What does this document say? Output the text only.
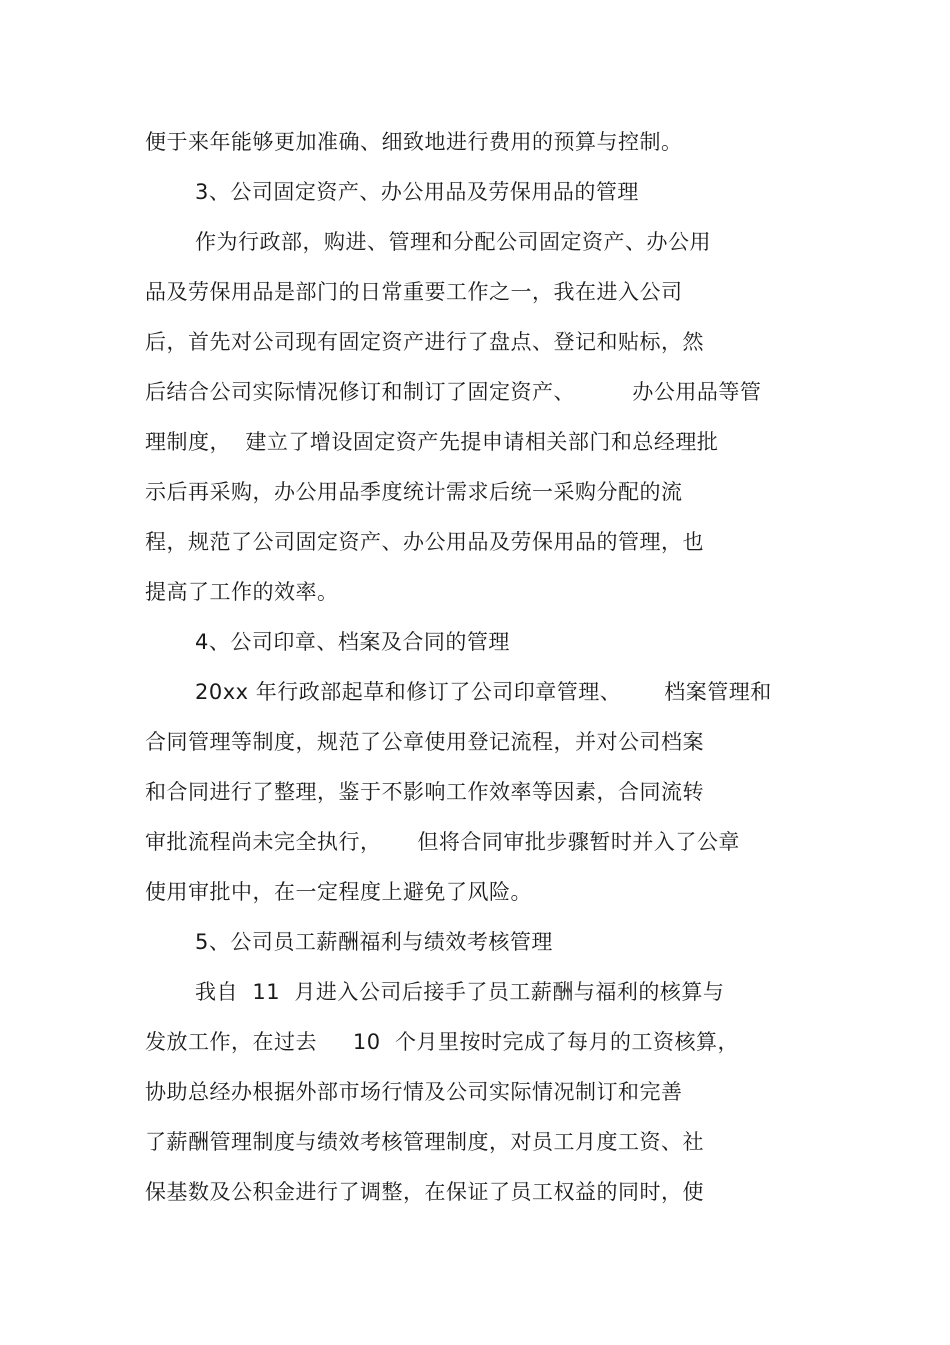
便于来年能够更加准确、细致地进行费用的预算与控制。
3、公司固定资产、办公用品及劳保用品的管理
作为行政部，购进、管理和分配公司固定资产、办公用
品及劳保用品是部门的日常重要工作之一，我在进入公司
后，首先对公司现有固定资产进行了盘点、登记和贴标，然
后结合公司实际情况修订和制订了固定资产、        办公用品等管
理制度，  建立了增设固定资产先提申请相关部门和总经理批
示后再采购，办公用品季度统计需求后统一采购分配的流
程，规范了公司固定资产、办公用品及劳保用品的管理，也
提高了工作的效率。
4、公司印章、档案及合同的管理
20xx 年行政部起草和修订了公司印章管理、      档案管理和
合同管理等制度，规范了公章使用登记流程，并对公司档案
和合同进行了整理，鉴于不影响工作效率等因素，合同流转
审批流程尚未完全执行，     但将合同审批步骤暂时并入了公章
使用审批中，在一定程度上避免了风险。
5、公司员工薪酬福利与绩效考核管理
我自  11  月进入公司后接手了员工薪酬与福利的核算与
发放工作，在过去     10  个月里按时完成了每月的工资核算，
协助总经办根据外部市场行情及公司实际情况制订和完善
了薪酬管理制度与绩效考核管理制度，对员工月度工资、社
保基数及公积金进行了调整，在保证了员工权益的同时，使
